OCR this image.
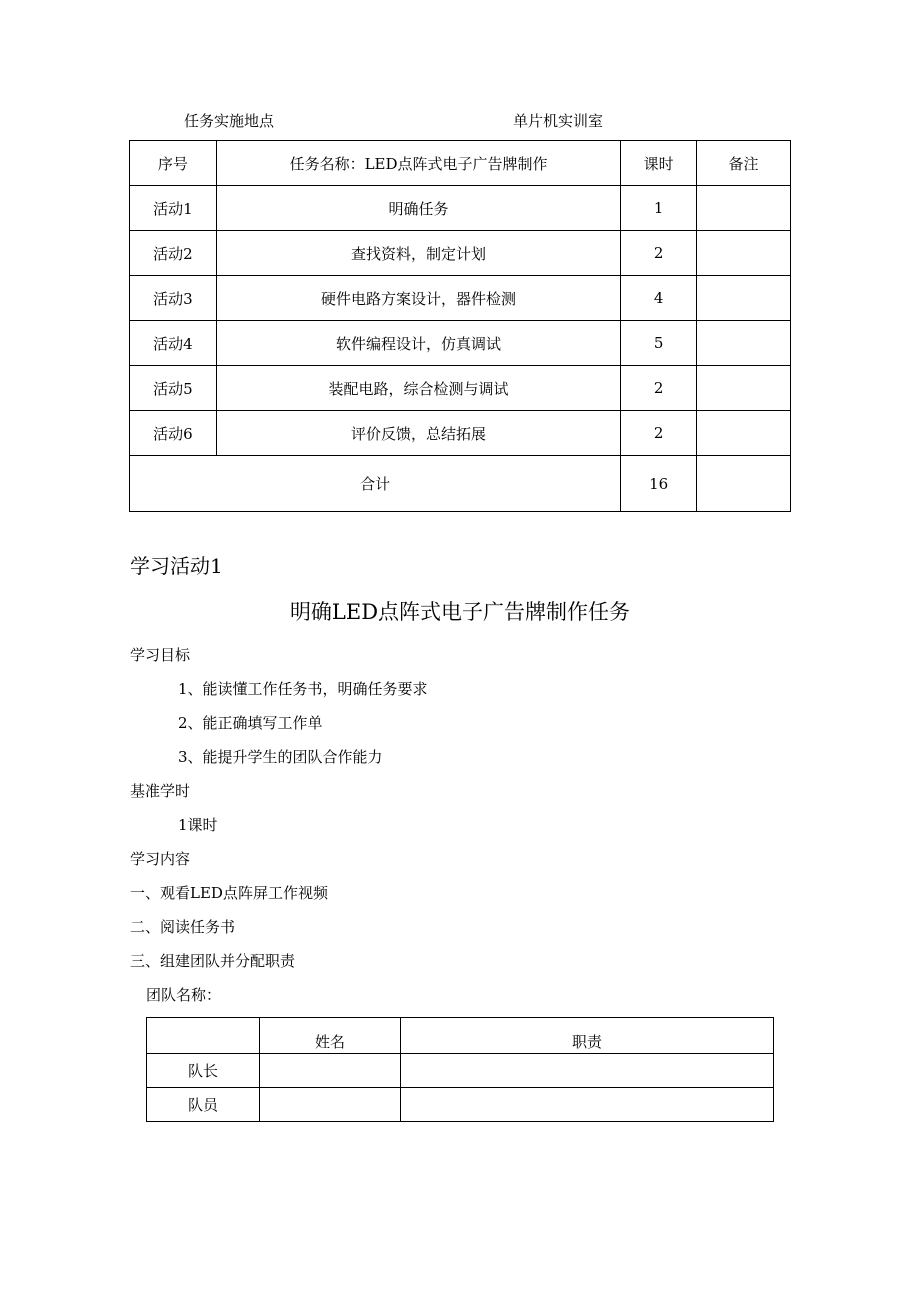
任务实施地点	单片机实训室
序号	任务名称：LED点阵式电子广告牌制作	课时	备注
活动1	明确任务	1	
活动2	查找资料，制定计划	2	
活动3	硬件电路方案设计，器件检测	4	
活动4	软件编程设计，仿真调试	5	
活动5	装配电路，综合检测与调试	2	
活动6	评价反馈，总结拓展	2	
合计		16	
学习活动1
明确LED点阵式电子广告牌制作任务
学习目标
1、能读懂工作任务书，明确任务要求
2、能正确填写工作单
3、能提升学生的团队合作能力
基准学时
1课时
学习内容
一、观看LED点阵屏工作视频
二、阅读任务书
三、组建团队并分配职责
团队名称：
	姓名	职责
队长		
队员		
